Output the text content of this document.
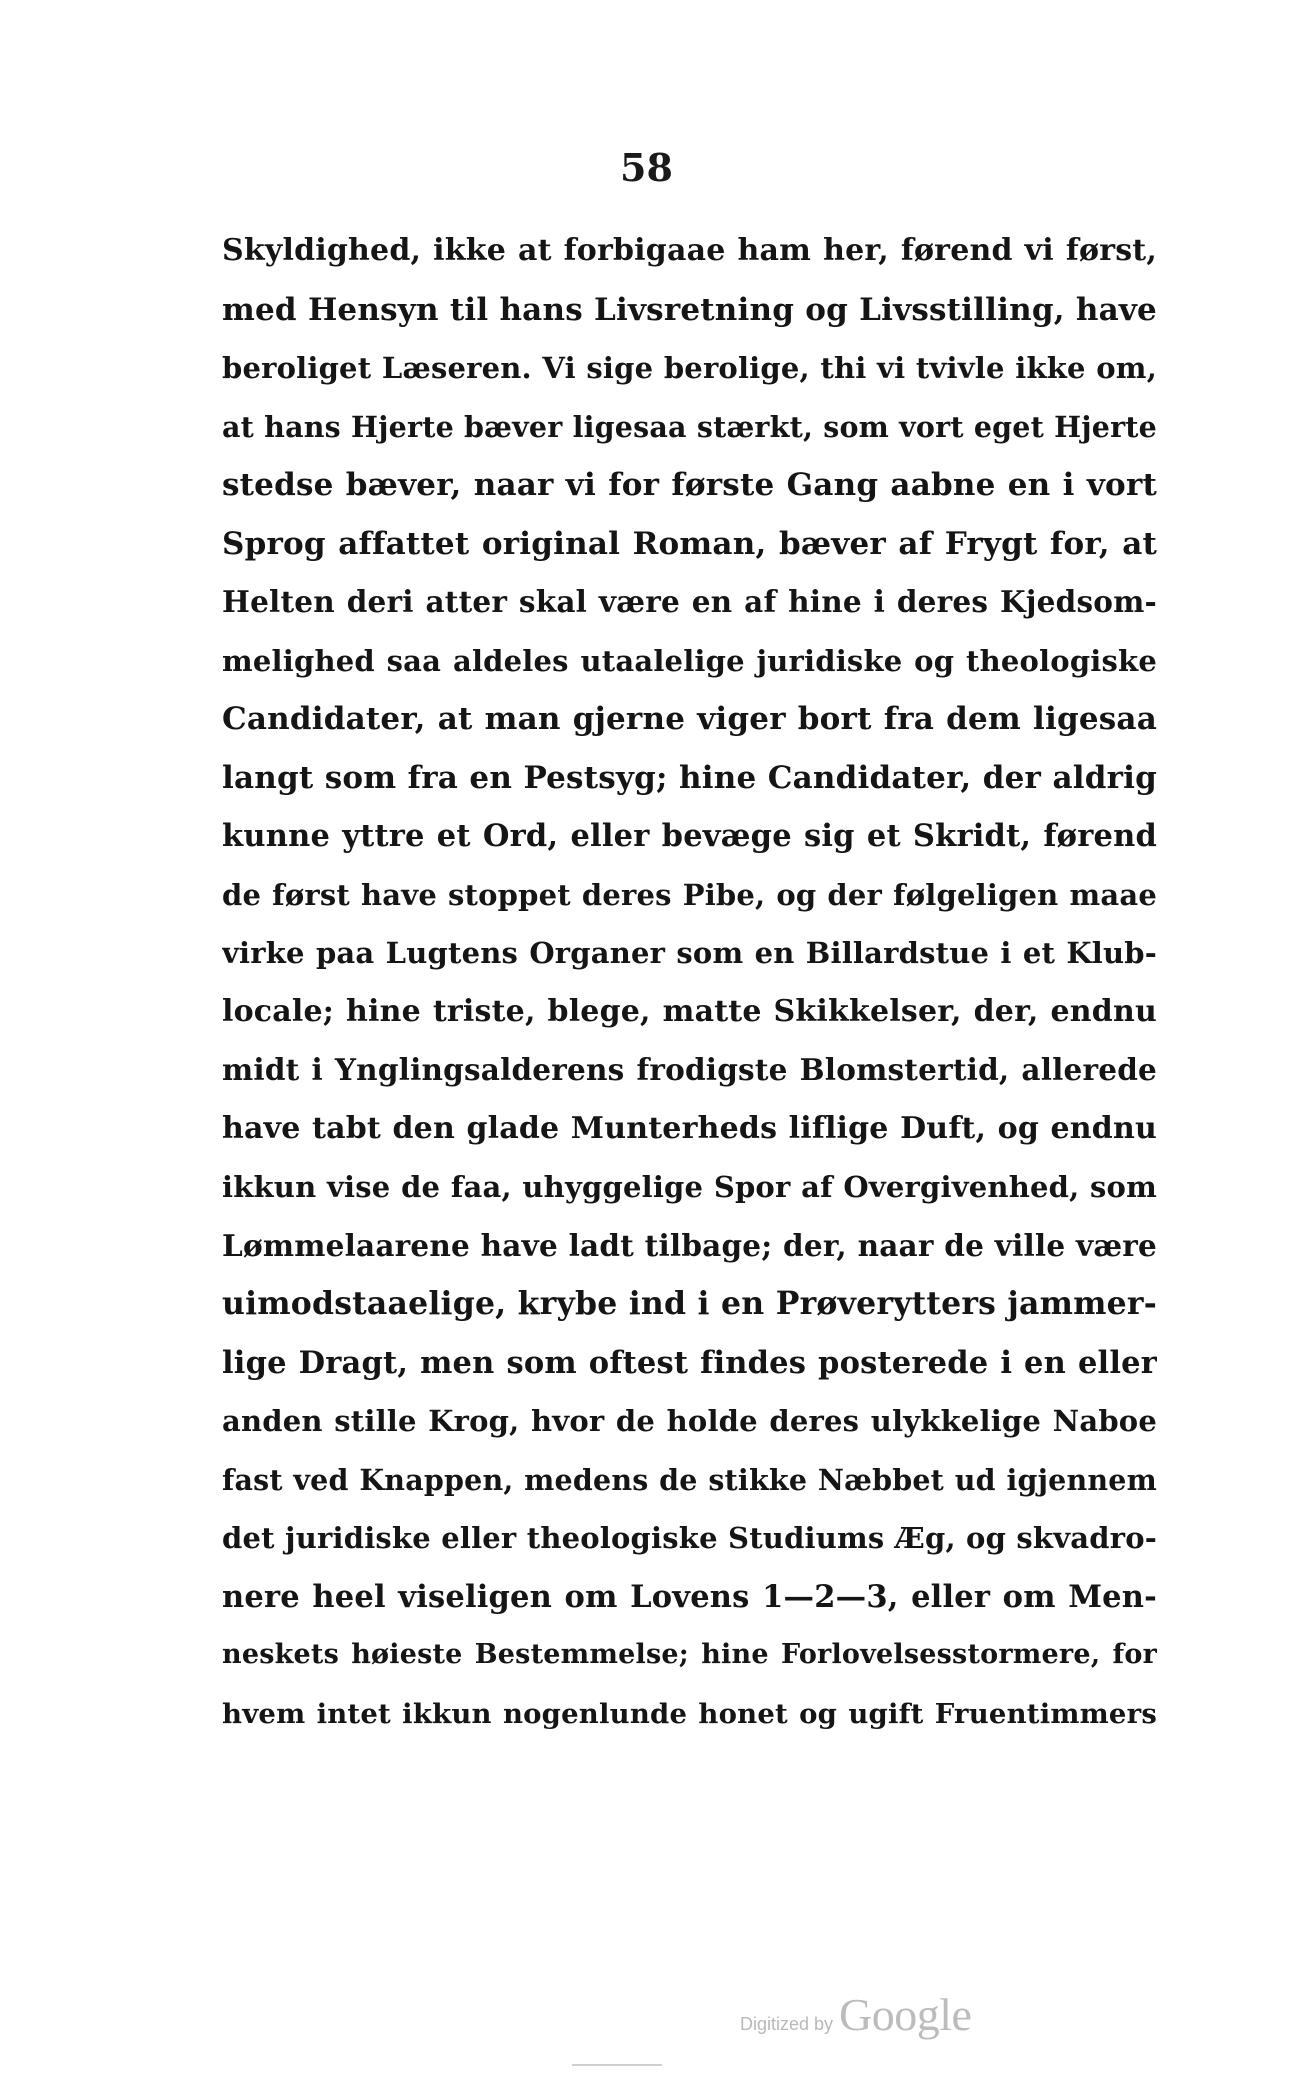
58
Skyldighed, ikke at forbigaae ham her, førend vi først,
med Hensyn til hans Livsretning og Livsstilling, have
beroliget Læseren. Vi sige berolige, thi vi tvivle ikke om,
at hans Hjerte bæver ligesaa stærkt, som vort eget Hjerte
stedse bæver, naar vi for første Gang aabne en i vort
Sprog affattet original Roman, bæver af Frygt for, at
Helten deri atter skal være en af hine i deres Kjedsom-
melighed saa aldeles utaalelige juridiske og theologiske
Candidater, at man gjerne viger bort fra dem ligesaa
langt som fra en Pestsyg; hine Candidater, der aldrig
kunne yttre et Ord, eller bevæge sig et Skridt, førend
de først have stoppet deres Pibe, og der følgeligen maae
virke paa Lugtens Organer som en Billardstue i et Klub-
locale; hine triste, blege, matte Skikkelser, der, endnu
midt i Ynglingsalderens frodigste Blomstertid, allerede
have tabt den glade Munterheds liflige Duft, og endnu
ikkun vise de faa, uhyggelige Spor af Overgivenhed, som
Lømmelaarene have ladt tilbage; der, naar de ville være
uimodstaaelige, krybe ind i en Prøveryttеrs jammer-
lige Dragt, men som oftest findes posterede i en eller
anden stille Krog, hvor de holde deres ulykkelige Naboe
fast ved Knappen, medens de stikke Næbbet ud igjennem
det juridiske eller theologiske Studiums Æg, og skvadro-
nere heel viseligen om Lovens 1—2—3, eller om Men-
neskets høieste Bestemmelse; hine Forlovelsesstormere, for
hvem intet ikkun nogenlunde honet og ugift Fruentimmers
Digitized by Google
